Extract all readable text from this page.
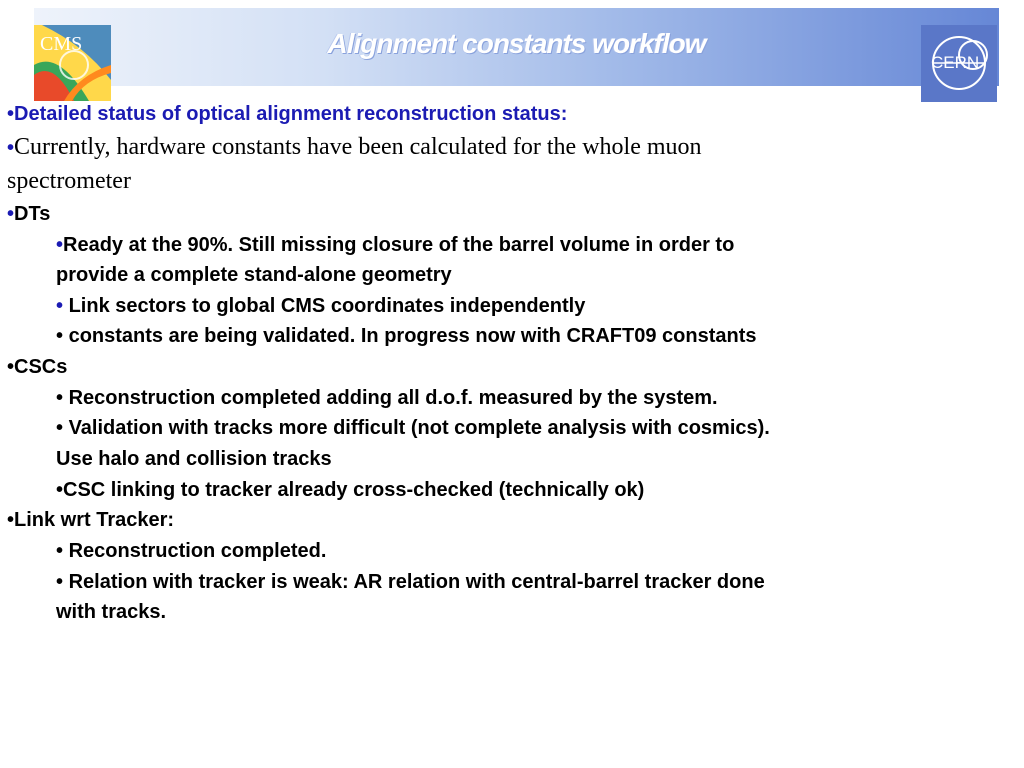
Alignment constants workflow
CMS
CERN
•Detailed status of optical alignment reconstruction status:
•Currently, hardware constants have been calculated for the whole muon
spectrometer
•DTs
•Ready at the 90%. Still missing closure of the barrel volume in order to
provide a complete stand-alone geometry
• Link sectors to global CMS coordinates independently
• constants are being validated. In progress now with CRAFT09 constants
•CSCs
• Reconstruction completed adding all d.o.f. measured by the system.
• Validation with tracks more difficult (not complete analysis with cosmics).
Use halo and collision tracks
•CSC linking to tracker already cross-checked (technically ok)
•Link wrt Tracker:
• Reconstruction completed.
• Relation with tracker is weak: AR relation with central-barrel tracker done
with tracks.
